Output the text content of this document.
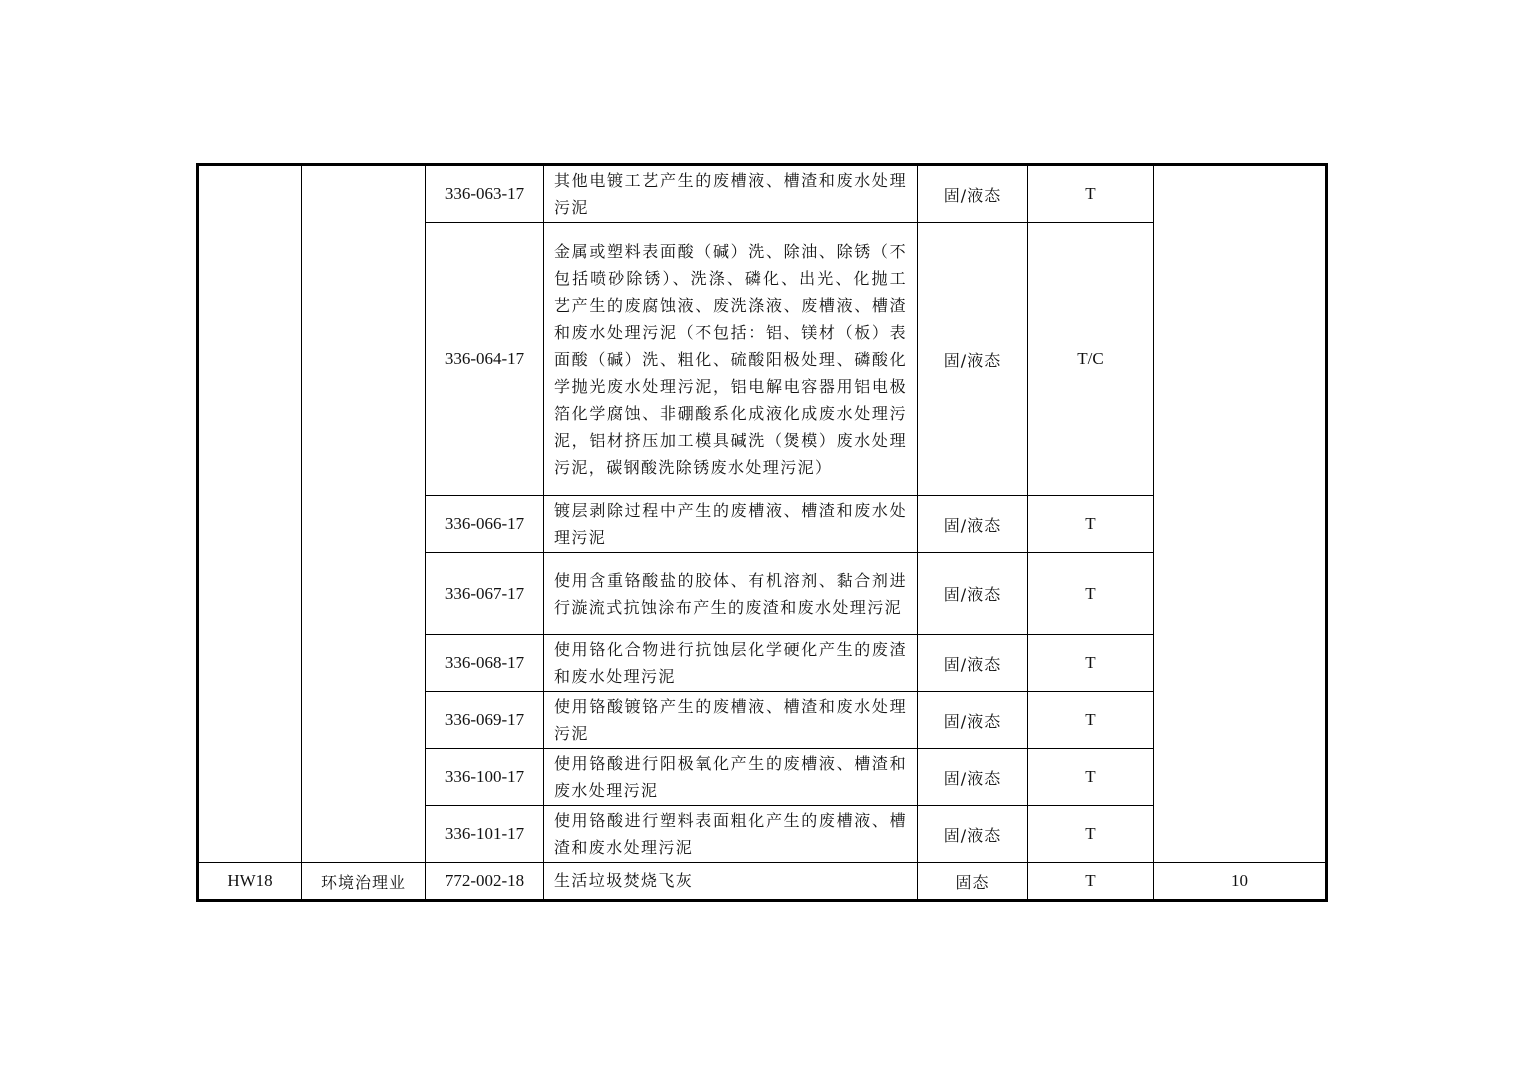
		336-063-17	其他电镀工艺产生的废槽液、槽渣和废水处理污泥	固/液态	T	
		336-064-17	金属或塑料表面酸（碱）洗、除油、除锈（不包括喷砂除锈）、洗涤、磷化、出光、化抛工艺产生的废腐蚀液、废洗涤液、废槽液、槽渣和废水处理污泥（不包括：铝、镁材（板）表面酸（碱）洗、粗化、硫酸阳极处理、磷酸化学抛光废水处理污泥，铝电解电容器用铝电极箔化学腐蚀、非硼酸系化成液化成废水处理污泥，铝材挤压加工模具碱洗（煲模）废水处理污泥，碳钢酸洗除锈废水处理污泥）	固/液态	T/C	
		336-066-17	镀层剥除过程中产生的废槽液、槽渣和废水处理污泥	固/液态	T	
		336-067-17	使用含重铬酸盐的胶体、有机溶剂、黏合剂进行漩流式抗蚀涂布产生的废渣和废水处理污泥	固/液态	T	
		336-068-17	使用铬化合物进行抗蚀层化学硬化产生的废渣和废水处理污泥	固/液态	T	
		336-069-17	使用铬酸镀铬产生的废槽液、槽渣和废水处理污泥	固/液态	T	
		336-100-17	使用铬酸进行阳极氧化产生的废槽液、槽渣和废水处理污泥	固/液态	T	
		336-101-17	使用铬酸进行塑料表面粗化产生的废槽液、槽渣和废水处理污泥	固/液态	T	
HW18	环境治理业	772-002-18	生活垃圾焚烧飞灰	固态	T	10
